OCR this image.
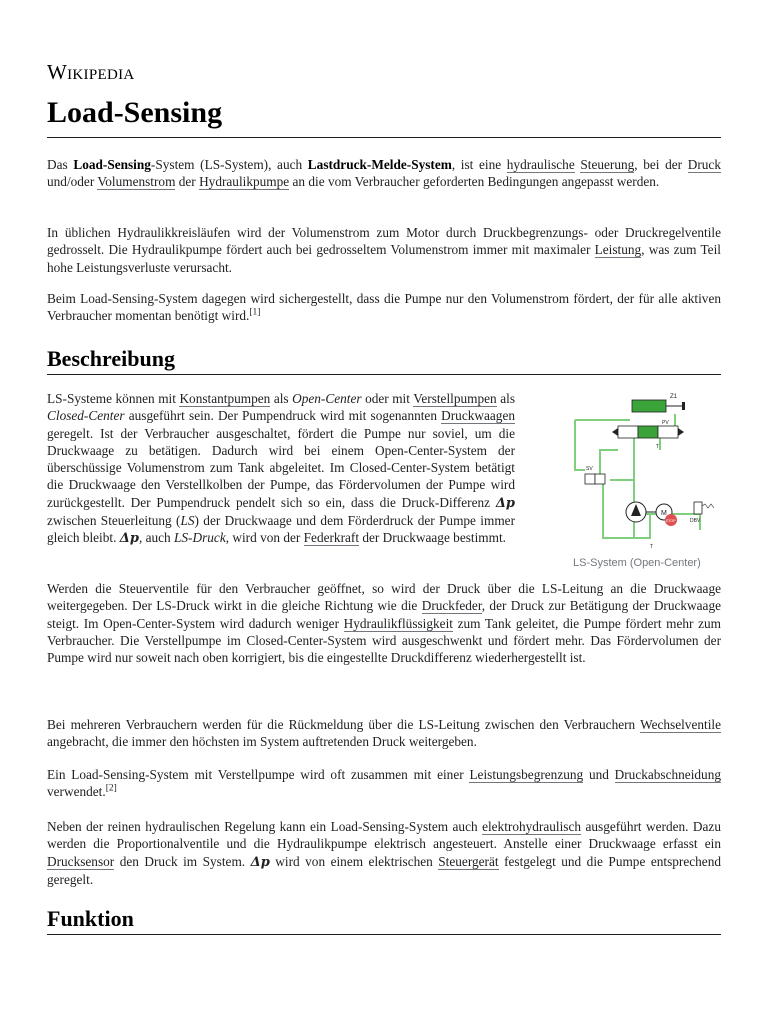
Wikipedia
Load-Sensing

Das Load-Sensing-System (LS-System), auch Lastdruck-Melde-System, ist eine hydraulische Steuerung, bei der Druck und/oder Volumenstrom der Hydraulikpumpe an die vom Verbraucher geforderten Bedingungen angepasst werden.

In üblichen Hydraulikkreisläufen wird der Volumenstrom zum Motor durch Druckbegrenzungs- oder Druckregelventile gedrosselt. Die Hydraulikpumpe fördert auch bei gedrosseltem Volumenstrom immer mit maximaler Leistung, was zum Teil hohe Leistungsverluste verursacht.

Beim Load-Sensing-System dagegen wird sichergestellt, dass die Pumpe nur den Volumenstrom fördert, der für alle aktiven Verbraucher momentan benötigt wird.[1]

Beschreibung

LS-Systeme können mit Konstantpumpen als Open-Center oder mit Verstellpumpen als Closed-Center ausgeführt sein. Der Pumpendruck wird mit sogenannten Druckwaagen geregelt. Ist der Verbraucher ausgeschaltet, fördert die Pumpe nur soviel, um die Druckwaage zu betätigen. Dadurch wird bei einem Open-Center-System der überschüssige Volumenstrom zum Tank abgeleitet. Im Closed-Center-System betätigt die Druckwaage den Verstellkolben der Pumpe, das Fördervolumen der Pumpe wird zurückgestellt. Der Pumpendruck pendelt sich so ein, dass die Druck-Differenz Δp zwischen Steuerleitung (LS) der Druckwaage und dem Förderdruck der Pumpe immer gleich bleibt. Δp, auch LS-Druck, wird von der Federkraft der Druckwaage bestimmt.

Werden die Steuerventile für den Verbraucher geöffnet, so wird der Druck über die LS-Leitung an die Druckwaage weitergegeben. Der LS-Druck wirkt in die gleiche Richtung wie die Druckfeder, der Druck zur Betätigung der Druckwaage steigt. Im Open-Center-System wird dadurch weniger Hydraulikflüssigkeit zum Tank geleitet, die Pumpe fördert mehr zum Verbraucher. Die Verstellpumpe im Closed-Center-System wird ausgeschwenkt und fördert mehr. Das Fördervolumen der Pumpe wird nur soweit nach oben korrigiert, bis die eingestellte Druckdifferenz wiederhergestellt ist.

Bei mehreren Verbrauchern werden für die Rückmeldung über die LS-Leitung zwischen den Verbrauchern Wechselventile angebracht, die immer den höchsten im System auftretenden Druck weitergeben.

Ein Load-Sensing-System mit Verstellpumpe wird oft zusammen mit einer Leistungsbegrenzung und Druckabschneidung verwendet.[2]

Neben der reinen hydraulischen Regelung kann ein Load-Sensing-System auch elektrohydraulisch ausgeführt werden. Dazu werden die Proportionalventile und die Hydraulikpumpe elektrisch angesteuert. Anstelle einer Druckwaage erfasst ein Drucksensor den Druck im System. Δp wird von einem elektrischen Steuergerät festgelegt und die Pumpe entsprechend geregelt.

Z1
PV
T
SV
M
STOP	DBV
T
LS-System (Open-Center)
Funktion
